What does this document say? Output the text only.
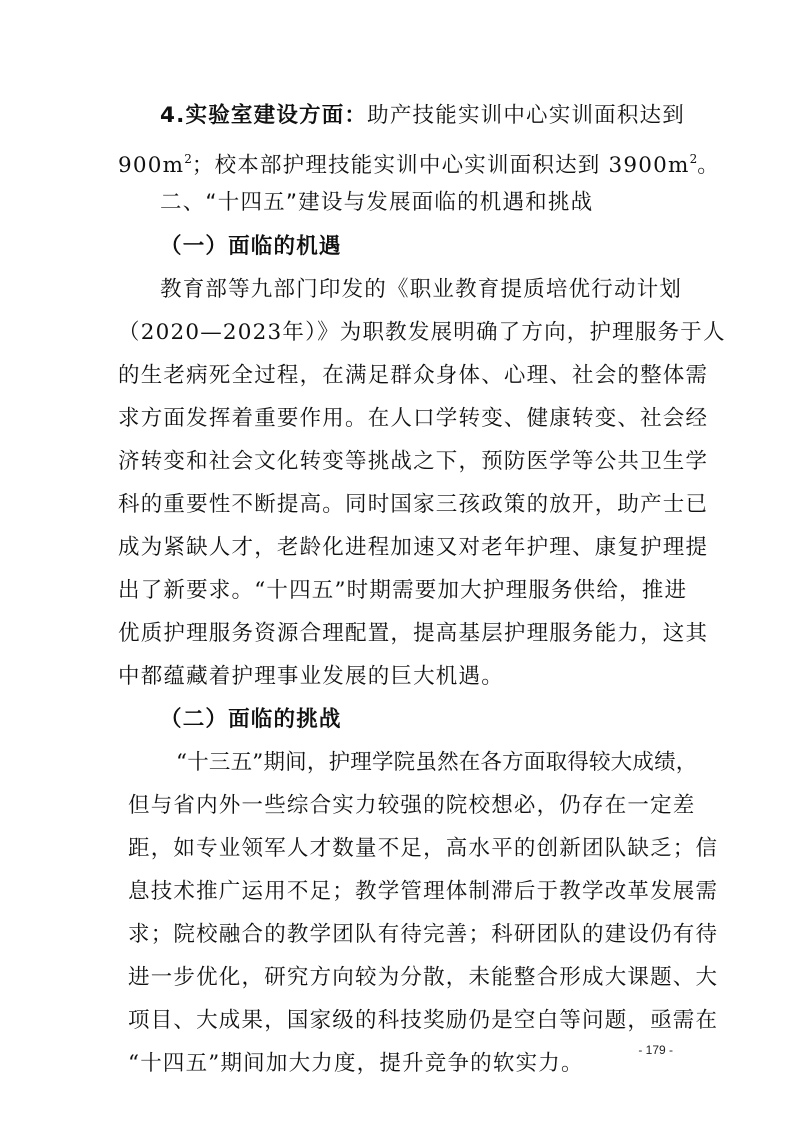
4.实验室建设方面：助产技能实训中心实训面积达到
$900m^2$；校本部护理技能实训中心实训面积达到 $3900m^2$。
二、“十四五”建设与发展面临的机遇和挑战
（一）面临的机遇
教育部等九部门印发的《职业教育提质培优行动计划
（2020—2023年）》为职教发展明确了方向，护理服务于人
的生老病死全过程，在满足群众身体、心理、社会的整体需
求方面发挥着重要作用。在人口学转变、健康转变、社会经
济转变和社会文化转变等挑战之下，预防医学等公共卫生学
科的重要性不断提高。同时国家三孩政策的放开，助产士已
成为紧缺人才，老龄化进程加速又对老年护理、康复护理提
出了新要求。“十四五”时期需要加大护理服务供给，推进
优质护理服务资源合理配置，提高基层护理服务能力，这其
中都蕴藏着护理事业发展的巨大机遇。
（二）面临的挑战
“十三五”期间，护理学院虽然在各方面取得较大成绩，
但与省内外一些综合实力较强的院校想必，仍存在一定差
距，如专业领军人才数量不足，高水平的创新团队缺乏；信
息技术推广运用不足；教学管理体制滞后于教学改革发展需
求；院校融合的教学团队有待完善；科研团队的建设仍有待
进一步优化，研究方向较为分散，未能整合形成大课题、大
项目、大成果，国家级的科技奖励仍是空白等问题，亟需在
“十四五”期间加大力度，提升竞争的软实力。
- 179 -
